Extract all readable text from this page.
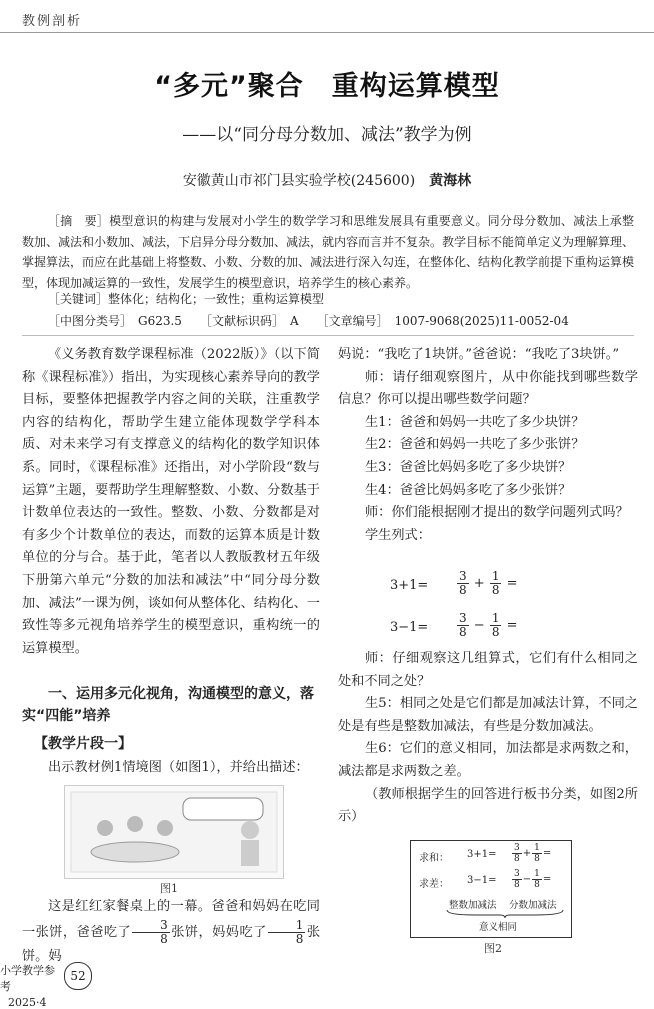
教例剖析
“多元”聚合　重构运算模型
——以“同分母分数加、减法”教学为例
安徽黄山市祁门县实验学校(245600) 黄海林
［摘　要］模型意识的构建与发展对小学生的数学学习和思维发展具有重要意义。同分母分数加、减法上承整数加、减法和小数加、减法，下启异分母分数加、减法，就内容而言并不复杂。教学目标不能简单定义为理解算理、掌握算法，而应在此基础上将整数、小数、分数的加、减法进行深入勾连，在整体化、结构化教学前提下重构运算模型，体现加减运算的一致性，发展学生的模型意识，培养学生的核心素养。
［关键词］整体化；结构化；一致性；重构运算模型
［中图分类号］　G623.5　　［文献标识码］　A　　［文章编号］　1007-9068(2025)11-0052-04
《义务教育数学课程标准（2022版）》（以下简称《课程标准》）指出，为实现核心素养导向的教学目标，要整体把握教学内容之间的关联，注重教学内容的结构化，帮助学生建立能体现数学学科本质、对未来学习有支撑意义的结构化的数学知识体系。同时，《课程标准》还指出，对小学阶段“数与运算”主题，要帮助学生理解整数、小数、分数基于计数单位表达的一致性。整数、小数、分数都是对有多少个计数单位的表达，而数的运算本质是计数单位的分与合。基于此，笔者以人教版教材五年级下册第六单元“分数的加法和减法”中“同分母分数加、减法”一课为例，谈如何从整体化、结构化、一致性等多元视角培养学生的模型意识，重构统一的运算模型。
一、运用多元化视角，沟通模型的意义，落实“四能”培养
【教学片段一】
出示教材例1情境图（如图1），并给出描述：
图1
这是红红家餐桌上的一幕。爸爸和妈妈在吃同一张饼，爸爸吃了 $\frac{3}{8}$ 张饼，妈妈吃了 $\frac{1}{8}$ 张饼。妈

妈说：“我吃了1块饼。”爸爸说：“我吃了3块饼。”

师：请仔细观察图片，从中你能找到哪些数学信息？你可以提出哪些数学问题？

生1：爸爸和妈妈一共吃了多少块饼？

生2：爸爸和妈妈一共吃了多少张饼？

生3：爸爸比妈妈多吃了多少块饼？

生4：爸爸比妈妈多吃了多少张饼？

师：你们能根据刚才提出的数学问题列式吗？

学生列式：

$3+1= \frac{3}{8} + \frac{1}{8}$ =
$3-1= \frac{3}{8} - \frac{1}{8}$ =

师：仔细观察这几组算式，它们有什么相同之处和不同之处？

生5：相同之处是它们都是加减法计算，不同之处是有些是整数加减法，有些是分数加减法。

生6：它们的意义相同，加法都是求两数之和，减法都是求两数之差。

（教师根据学生的回答进行板书分类，如图2所示）

求和： $3+1= \frac{3}{8} + \frac{1}{8}$ =
求差： $3-1= \frac{3}{8} - \frac{1}{8}$ =
整数加减法 分数加减法
意义相同
图2
小学教学参考
2025·4
52
